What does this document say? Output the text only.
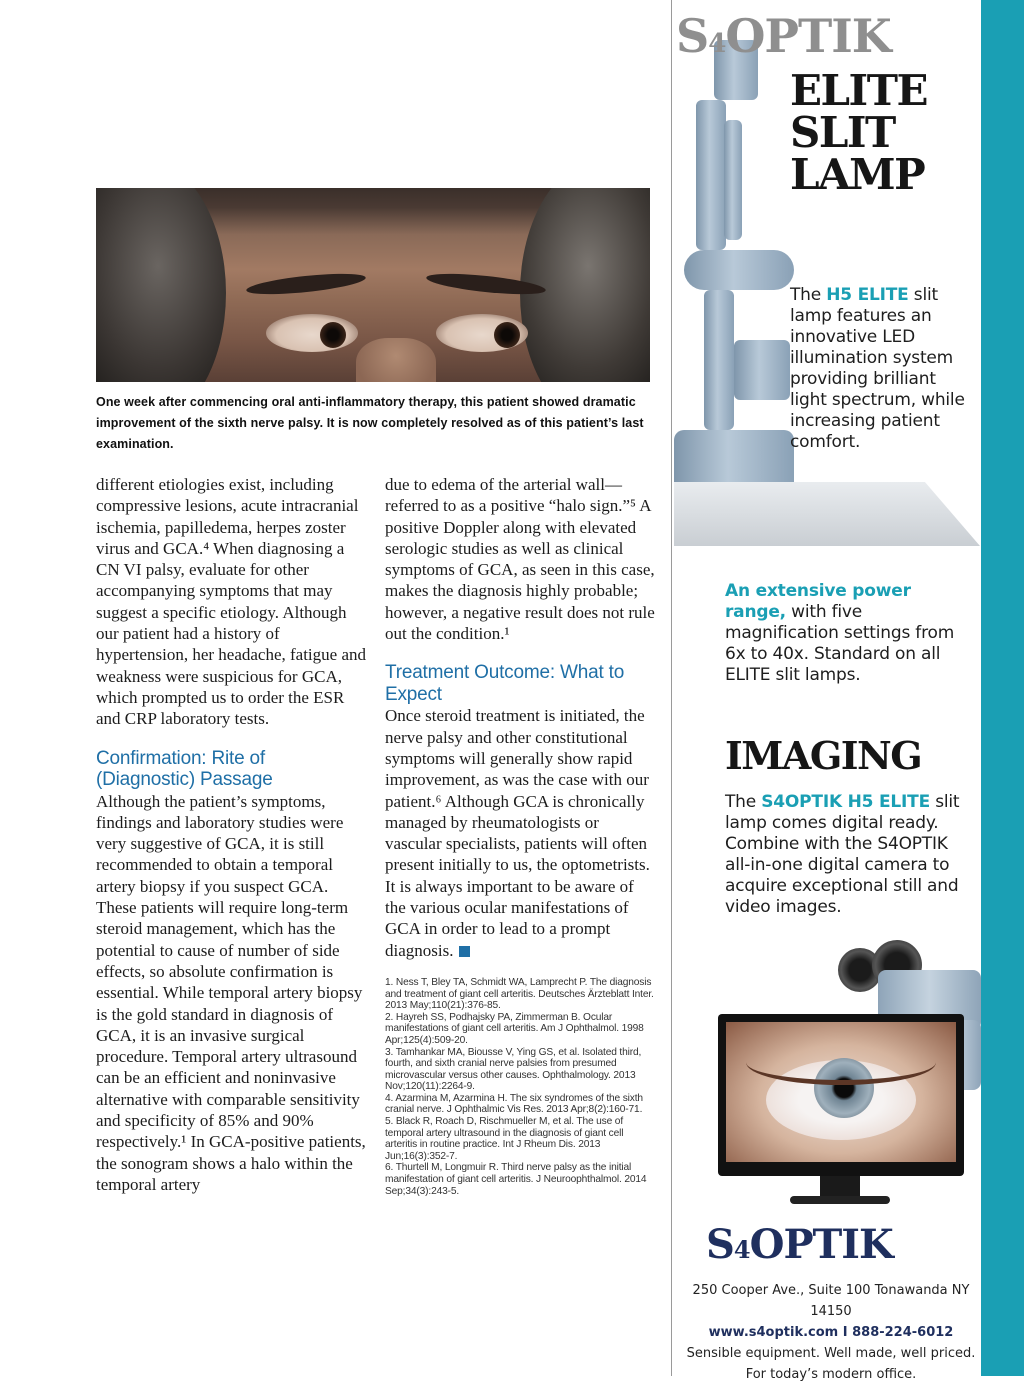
One week after commencing oral anti-inflammatory therapy, this patient showed dramatic improvement of the sixth nerve palsy. It is now completely resolved as of this patient’s last examination.

different etiologies exist, including compressive lesions, acute intracranial ischemia, papilledema, herpes zoster virus and GCA.⁴ When diagnosing a CN VI palsy, evaluate for other accompanying symptoms that may suggest a specific etiology. Although our patient had a history of hypertension, her headache, fatigue and weakness were suspicious for GCA, which prompted us to order the ESR and CRP laboratory tests.

Confirmation: Rite of (Diagnostic) Passage

Although the patient’s symptoms, findings and laboratory studies were very suggestive of GCA, it is still recommended to obtain a temporal artery biopsy if you suspect GCA. These patients will require long-term steroid management, which has the potential to cause of number of side effects, so absolute confirmation is essential. While temporal artery biopsy is the gold standard in diagnosis of GCA, it is an invasive surgical procedure. Temporal artery ultrasound can be an efficient and noninvasive alternative with comparable sensitivity and specificity of 85% and 90% respectively.¹ In GCA-positive patients, the sonogram shows a halo within the temporal artery

due to edema of the arterial wall—referred to as a positive “halo sign.”⁵ A positive Doppler along with elevated serologic studies as well as clinical symptoms of GCA, as seen in this case, makes the diagnosis highly probable; however, a negative result does not rule out the condition.¹

Treatment Outcome: What to Expect

Once steroid treatment is initiated, the nerve palsy and other constitutional symptoms will generally show rapid improvement, as was the case with our patient.⁶ Although GCA is chronically managed by rheumatologists or vascular specialists, patients will often present initially to us, the optometrists. It is always important to be aware of the various ocular manifestations of GCA in order to lead to a prompt diagnosis.

1. Ness T, Bley TA, Schmidt WA, Lamprecht P. The diagnosis and treatment of giant cell arteritis. Deutsches Ärzteblatt Inter. 2013 May;110(21):376-85.
2. Hayreh SS, Podhajsky PA, Zimmerman B. Ocular manifestations of giant cell arteritis. Am J Ophthalmol. 1998 Apr;125(4):509-20.
3. Tamhankar MA, Biousse V, Ying GS, et al. Isolated third, fourth, and sixth cranial nerve palsies from presumed microvascular versus other causes. Ophthalmology. 2013 Nov;120(11):2264-9.
4. Azarmina M, Azarmina H. The six syndromes of the sixth cranial nerve. J Ophthalmic Vis Res. 2013 Apr;8(2):160-71.
5. Black R, Roach D, Rischmueller M, et al. The use of temporal artery ultrasound in the diagnosis of giant cell arteritis in routine practice. Int J Rheum Dis. 2013 Jun;16(3):352-7.
6. Thurtell M, Longmuir R. Third nerve palsy as the initial manifestation of giant cell arteritis. J Neuroophthalmol. 2014 Sep;34(3):243-5.
S4OPTIK
ELITE SLIT LAMP
The H5 ELITE slit lamp features an innovative LED illumination system providing brilliant light spectrum, while increasing patient comfort.
An extensive power range, with five magnification settings from 6x to 40x. Standard on all ELITE slit lamps.
IMAGING
The S4OPTIK H5 ELITE slit lamp comes digital ready. Combine with the S4OPTIK all-in-one digital camera to acquire exceptional still and video images.
S4OPTIK
250 Cooper Ave., Suite 100 Tonawanda NY 14150
www.s4optik.com I 888-224-6012
Sensible equipment. Well made, well priced.
For today’s modern office.
